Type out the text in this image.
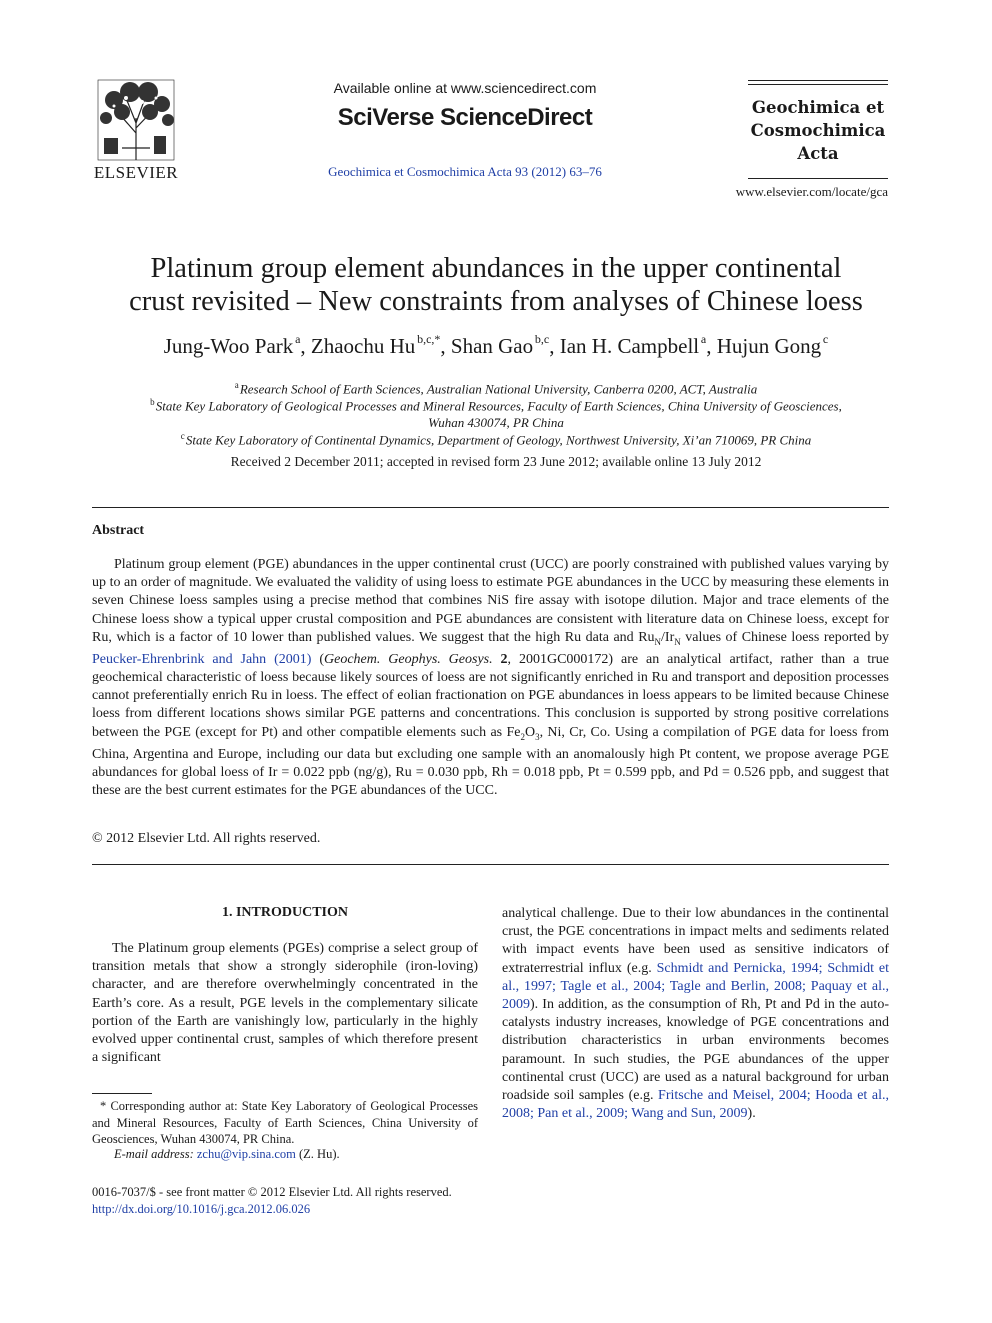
ELSEVIER
Available online at www.sciencedirect.com
SciVerse ScienceDirect
Geochimica et Cosmochimica Acta 93 (2012) 63–76
Geochimica et
Cosmochimica
Acta
www.elsevier.com/locate/gca
Platinum group element abundances in the upper continental
crust revisited – New constraints from analyses of Chinese loess
Jung-Woo Park  $^a$, Zhaochu Hu  $^{b,c,*}$, Shan Gao  $^{b,c}$, Ian H. Campbell  $^a$, Hujun Gong  $^c$
$^a$ Research School of Earth Sciences, Australian National University, Canberra 0200, ACT, Australia
$^b$ State Key Laboratory of Geological Processes and Mineral Resources, Faculty of Earth Sciences, China University of Geosciences,
Wuhan 430074, PR China
$^c$ State Key Laboratory of Continental Dynamics, Department of Geology, Northwest University, Xi’an 710069, PR China
Received 2 December 2011; accepted in revised form 23 June 2012; available online 13 July 2012
Abstract

Platinum group element (PGE) abundances in the upper continental crust (UCC) are poorly constrained with published values varying by up to an order of magnitude. We evaluated the validity of using loess to estimate PGE abundances in the UCC by measuring these elements in seven Chinese loess samples using a precise method that combines NiS fire assay with isotope dilution. Major and trace elements of the Chinese loess show a typical upper crustal composition and PGE abundances are consistent with literature data on Chinese loess, except for Ru, which is a factor of 10 lower than published values. We suggest that the high Ru data and $Ru_N/Ir_N$ values of Chinese loess reported by Peucker-Ehrenbrink and Jahn (2001) (Geochem. Geophys. Geosys. 2, 2001GC000172) are an analytical artifact, rather than a true geochemical characteristic of loess because likely sources of loess are not significantly enriched in Ru and transport and deposition processes cannot preferentially enrich Ru in loess. The effect of eolian fractionation on PGE abundances in loess appears to be limited because Chinese loess from different locations shows similar PGE patterns and concentrations. This conclusion is supported by strong positive correlations between the PGE (except for Pt) and other compatible elements such as $Fe_2O_3$, Ni, Cr, Co. Using a compilation of PGE data for loess from China, Argentina and Europe, including our data but excluding one sample with an anomalously high Pt content, we propose average PGE abundances for global loess of Ir = 0.022 ppb (ng/g), Ru = 0.030 ppb, Rh = 0.018 ppb, Pt = 0.599 ppb, and Pd = 0.526 ppb, and suggest that these are the best current estimates for the PGE abundances of the UCC.

© 2012 Elsevier Ltd. All rights reserved.
1. INTRODUCTION

The Platinum group elements (PGEs) comprise a select group of transition metals that show a strongly siderophile (iron-loving) character, and are therefore overwhelmingly concentrated in the Earth’s core. As a result, PGE levels in the complementary silicate portion of the Earth are vanishingly low, particularly in the highly evolved upper continental crust, samples of which therefore present a significant

analytical challenge. Due to their low abundances in the continental crust, the PGE concentrations in impact melts and sediments related with impact events have been used as sensitive indicators of extraterrestrial influx (e.g. Schmidt and Pernicka, 1994; Schmidt et al., 1997; Tagle et al., 2004; Tagle and Berlin, 2008; Paquay et al., 2009). In addition, as the consumption of Rh, Pt and Pd in the auto-catalysts industry increases, knowledge of PGE concentrations and distribution characteristics in urban environments becomes paramount. In such studies, the PGE abundances of the upper continental crust (UCC) are used as a natural background for urban roadside soil samples (e.g. Fritsche and Meisel, 2004; Hooda et al., 2008; Pan et al., 2009; Wang and Sun, 2009).

* Corresponding author at: State Key Laboratory of Geological Processes and Mineral Resources, Faculty of Earth Sciences, China University of Geosciences, Wuhan 430074, PR China.

E-mail address: zchu@vip.sina.com (Z. Hu).
0016-7037/$ - see front matter © 2012 Elsevier Ltd. All rights reserved.
http://dx.doi.org/10.1016/j.gca.2012.06.026
